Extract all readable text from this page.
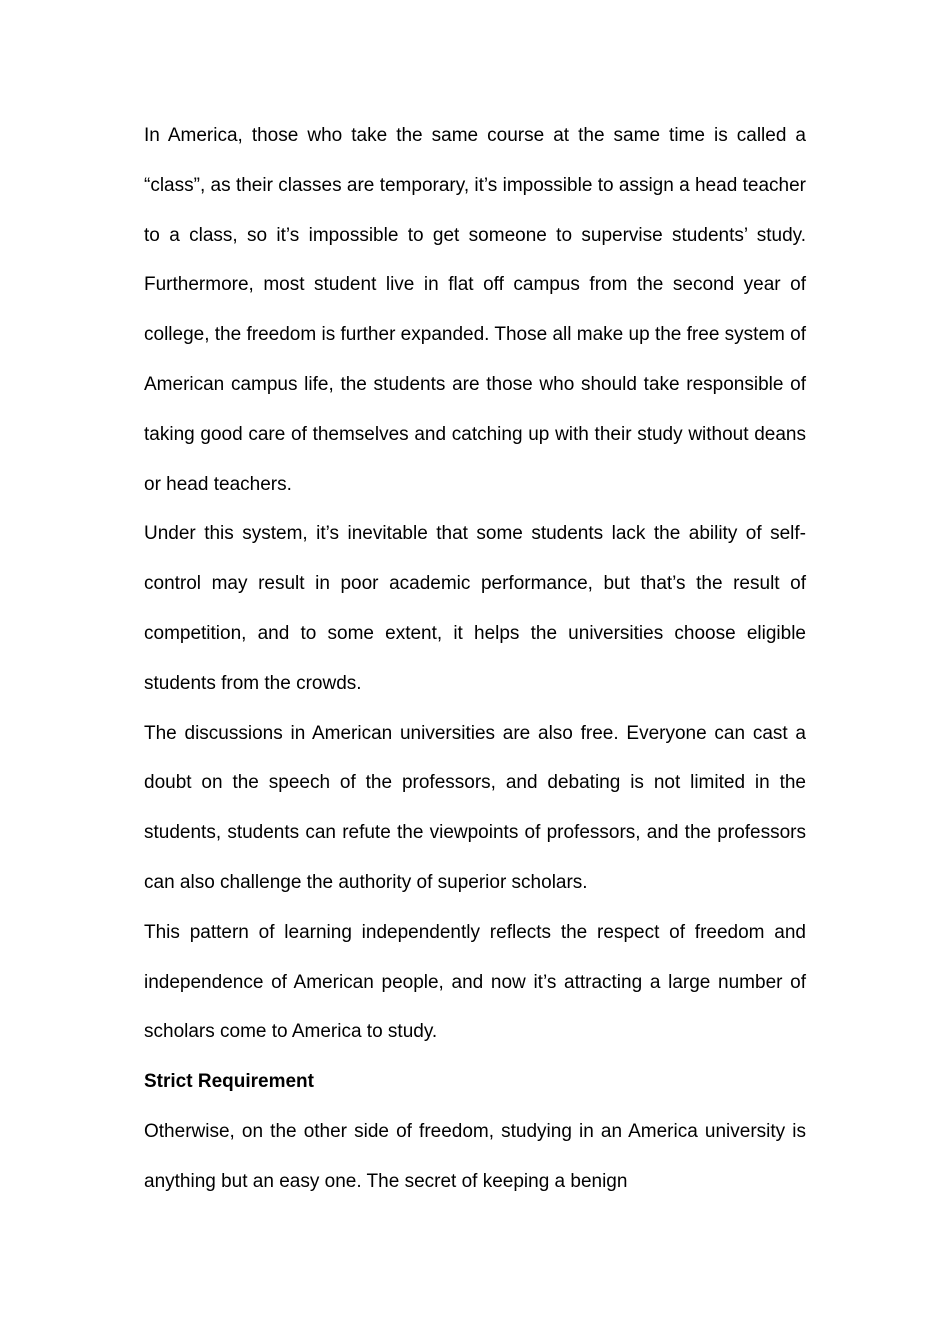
In America, those who take the same course at the same time is called a “class”, as their classes are temporary, it’s impossible to assign a head teacher to a class, so it’s impossible to get someone to supervise students’ study. Furthermore, most student live in flat off campus from the second year of college, the freedom is further expanded. Those all make up the free system of American campus life, the students are those who should take responsible of taking good care of themselves and catching up with their study without deans or head teachers.

Under this system, it’s inevitable that some students lack the ability of self-control may result in poor academic performance, but that’s the result of competition, and to some extent, it helps the universities choose eligible students from the crowds.

The discussions in American universities are also free. Everyone can cast a doubt on the speech of the professors, and debating is not limited in the students, students can refute the viewpoints of professors, and the professors can also challenge the authority of superior scholars.

This pattern of learning independently reflects the respect of freedom and independence of American people, and now it’s attracting a large number of scholars come to America to study.

Strict Requirement

Otherwise, on the other side of freedom, studying in an America university is anything but an easy one. The secret of keeping a benign
